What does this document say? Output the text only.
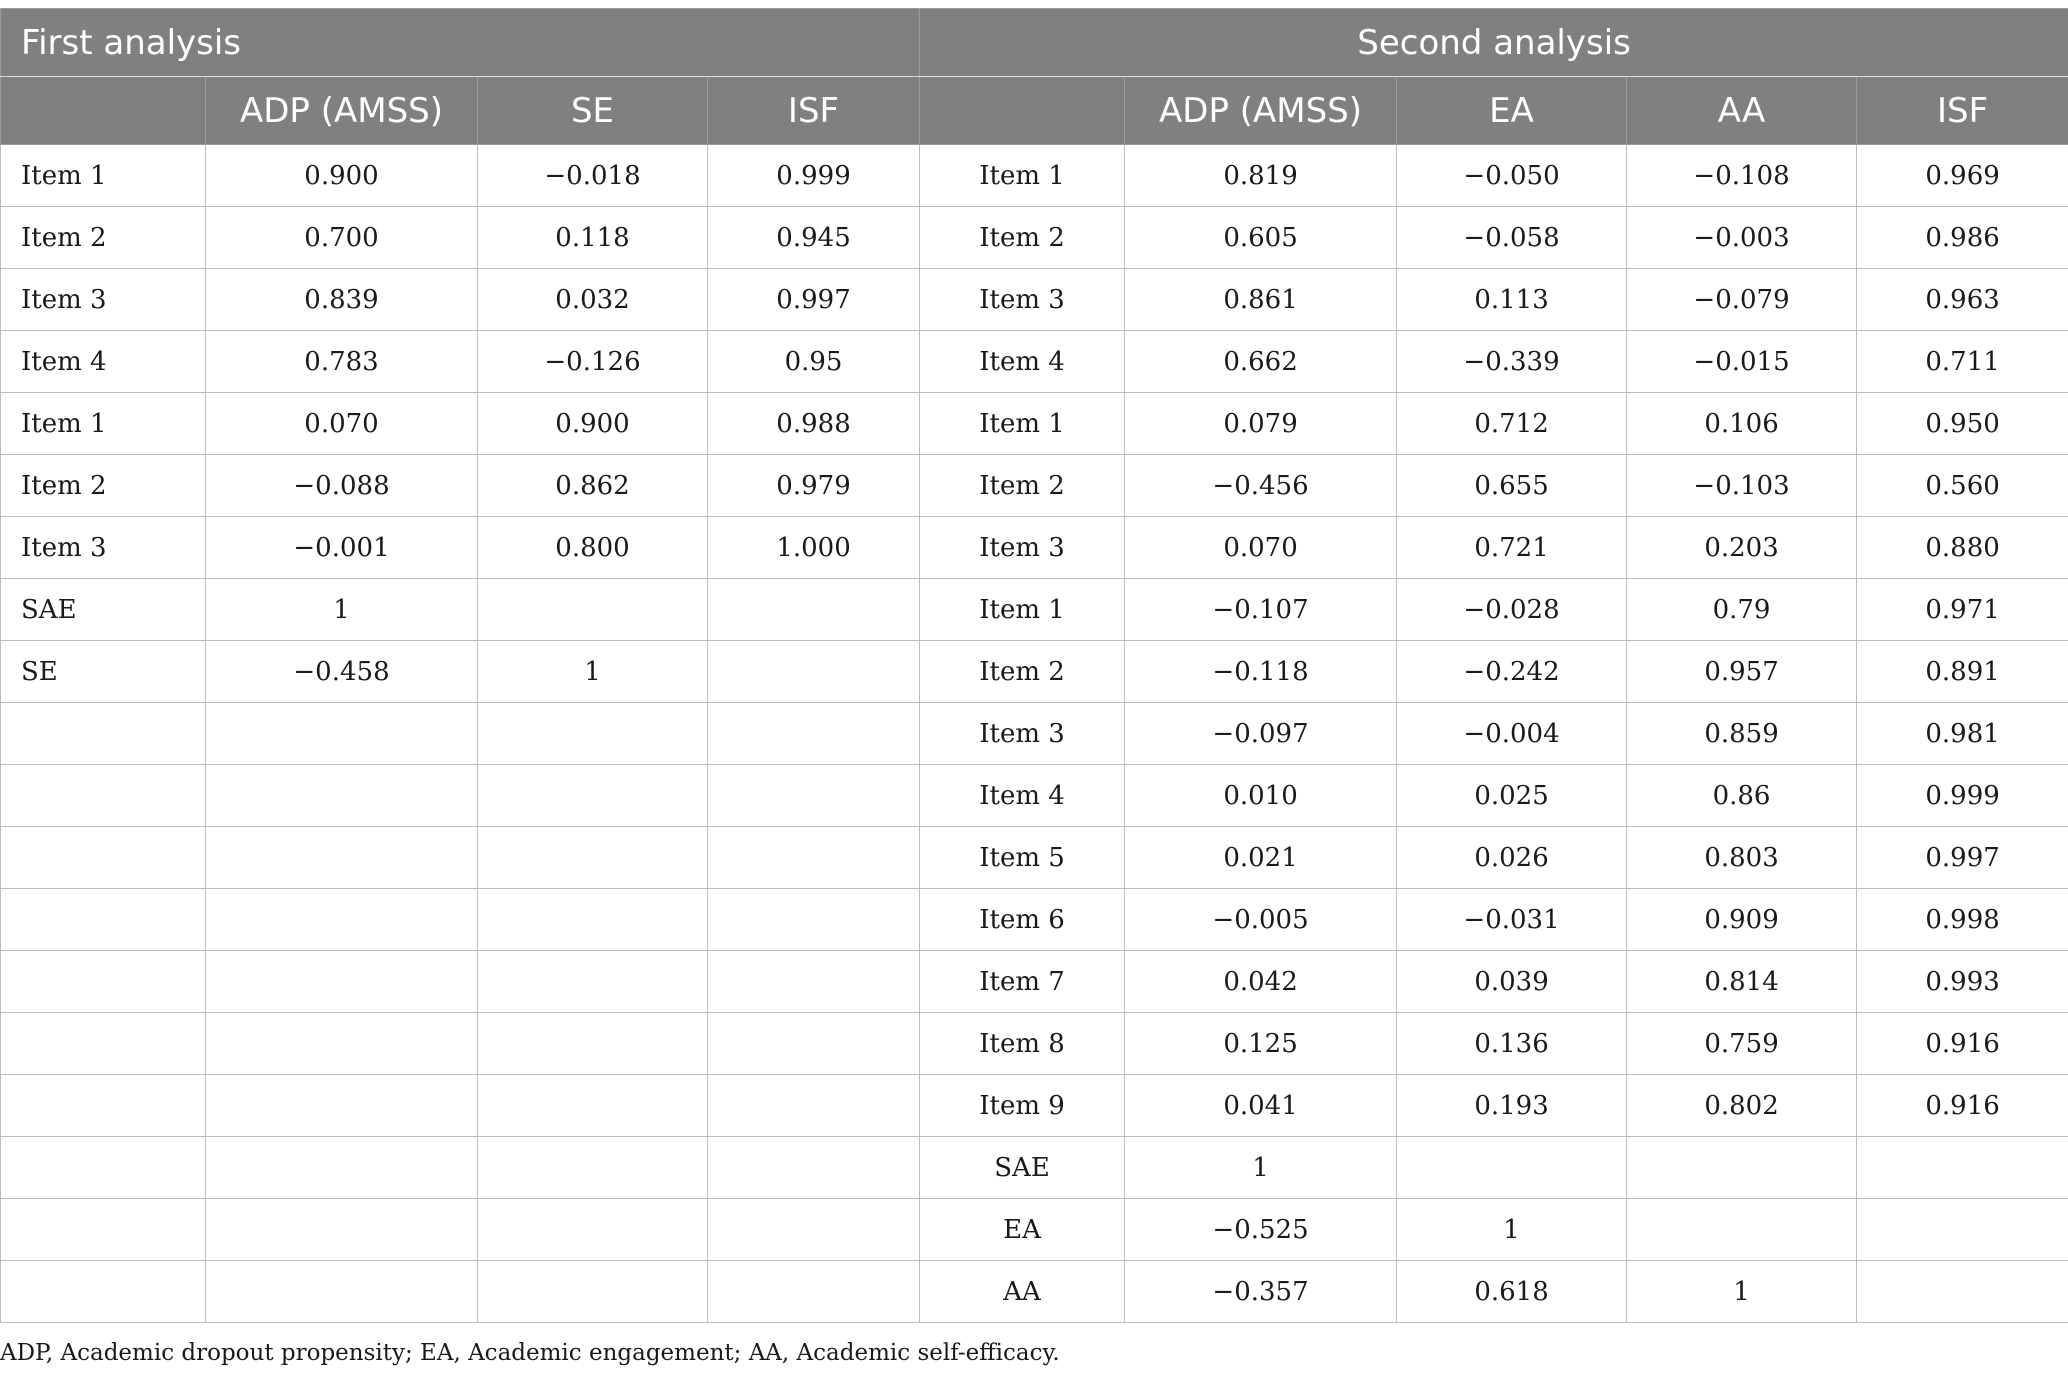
First analysis				Second analysis				
	ADP (AMSS)	SE	ISF		ADP (AMSS)	EA	AA	ISF
Item 1	0.900	−0.018	0.999	Item 1	0.819	−0.050	−0.108	0.969
Item 2	0.700	0.118	0.945	Item 2	0.605	−0.058	−0.003	0.986
Item 3	0.839	0.032	0.997	Item 3	0.861	0.113	−0.079	0.963
Item 4	0.783	−0.126	0.95	Item 4	0.662	−0.339	−0.015	0.711
Item 1	0.070	0.900	0.988	Item 1	0.079	0.712	0.106	0.950
Item 2	−0.088	0.862	0.979	Item 2	−0.456	0.655	−0.103	0.560
Item 3	−0.001	0.800	1.000	Item 3	0.070	0.721	0.203	0.880
SAE	1			Item 1	−0.107	−0.028	0.79	0.971
SE	−0.458	1		Item 2	−0.118	−0.242	0.957	0.891
				Item 3	−0.097	−0.004	0.859	0.981
				Item 4	0.010	0.025	0.86	0.999
				Item 5	0.021	0.026	0.803	0.997
				Item 6	−0.005	−0.031	0.909	0.998
				Item 7	0.042	0.039	0.814	0.993
				Item 8	0.125	0.136	0.759	0.916
				Item 9	0.041	0.193	0.802	0.916
				SAE	1			
				EA	−0.525	1		
				AA	−0.357	0.618	1	
ADP, Academic dropout propensity; EA, Academic engagement; AA, Academic self-efficacy.
